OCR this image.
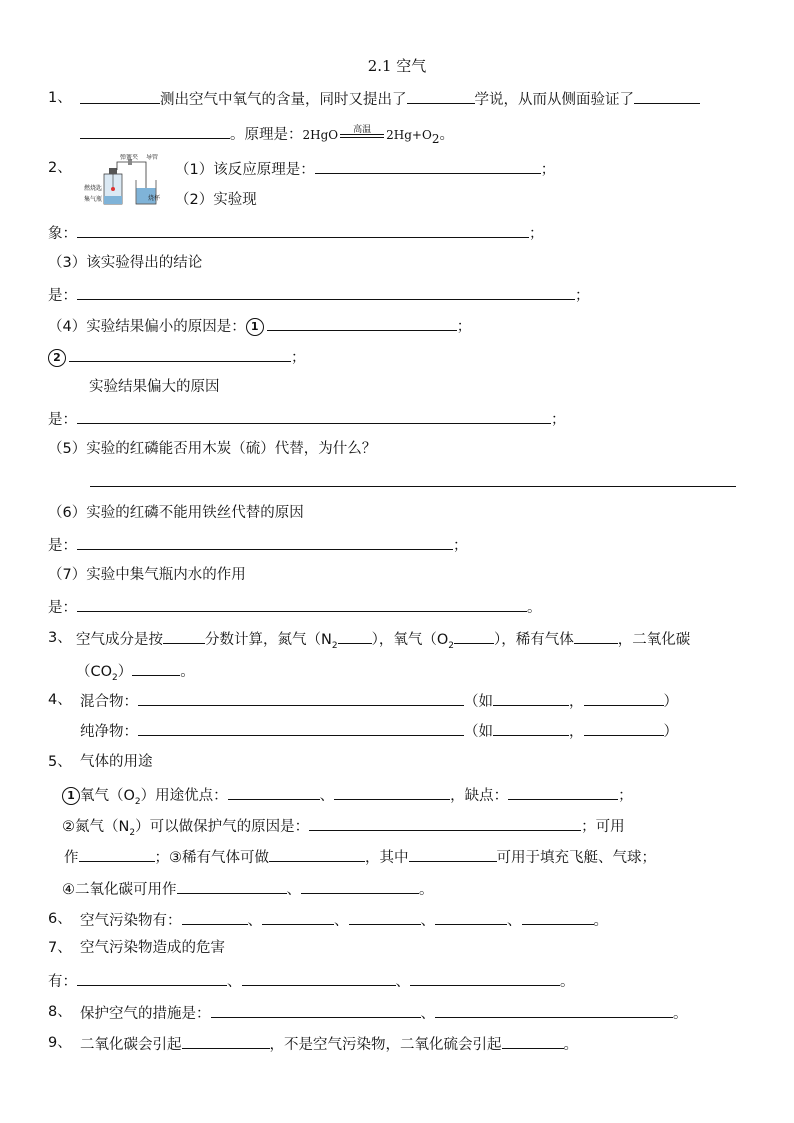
2.1 空气
1、	测出空气中氧气的含量，同时又提出了	学说，从而从侧面验证了
。原理是：2HgO	高温	$2Hg+O_2$。
2、
弹簧夹 导管
燃烧匙
集气瓶	烧杯
（1）该反应原理是：	；
（2）实验现
象：	；
（3）该实验得出的结论
是：	；
（4）实验结果偏小的原因是： 1	；
2	；
实验结果偏大的原因
是：	；
（5）实验的红磷能否用木炭（硫）代替，为什么？
（6）实验的红磷不能用铁丝代替的原因
是：	；
（7）实验中集气瓶内水的作用
是：	。
3、 空气成分是按	分数计算，氮气（$N_2$ ），氧气（$O_2$	），稀有气体	，二氧化碳
$(CO_2)$	。
4、 混合物：	（如	，	）
纯净物：	（如	，	）
5、 气体的用途
1 氧气$(O_2)$用途优点：	、	，缺点：	；
②氮气$(N_2)$可以做保护气的原因是：	；可用
作	；③稀有气体可做	，其中	可用于填充飞艇、气球；
④二氧化碳可用作	、	。
6、 空气污染物有：	、	、	、	、	。
7、 空气污染物造成的危害
有：	、	、	。
8、 保护空气的措施是：	、	。
9、 二氧化碳会引起	，不是空气污染物，二氧化硫会引起	。
